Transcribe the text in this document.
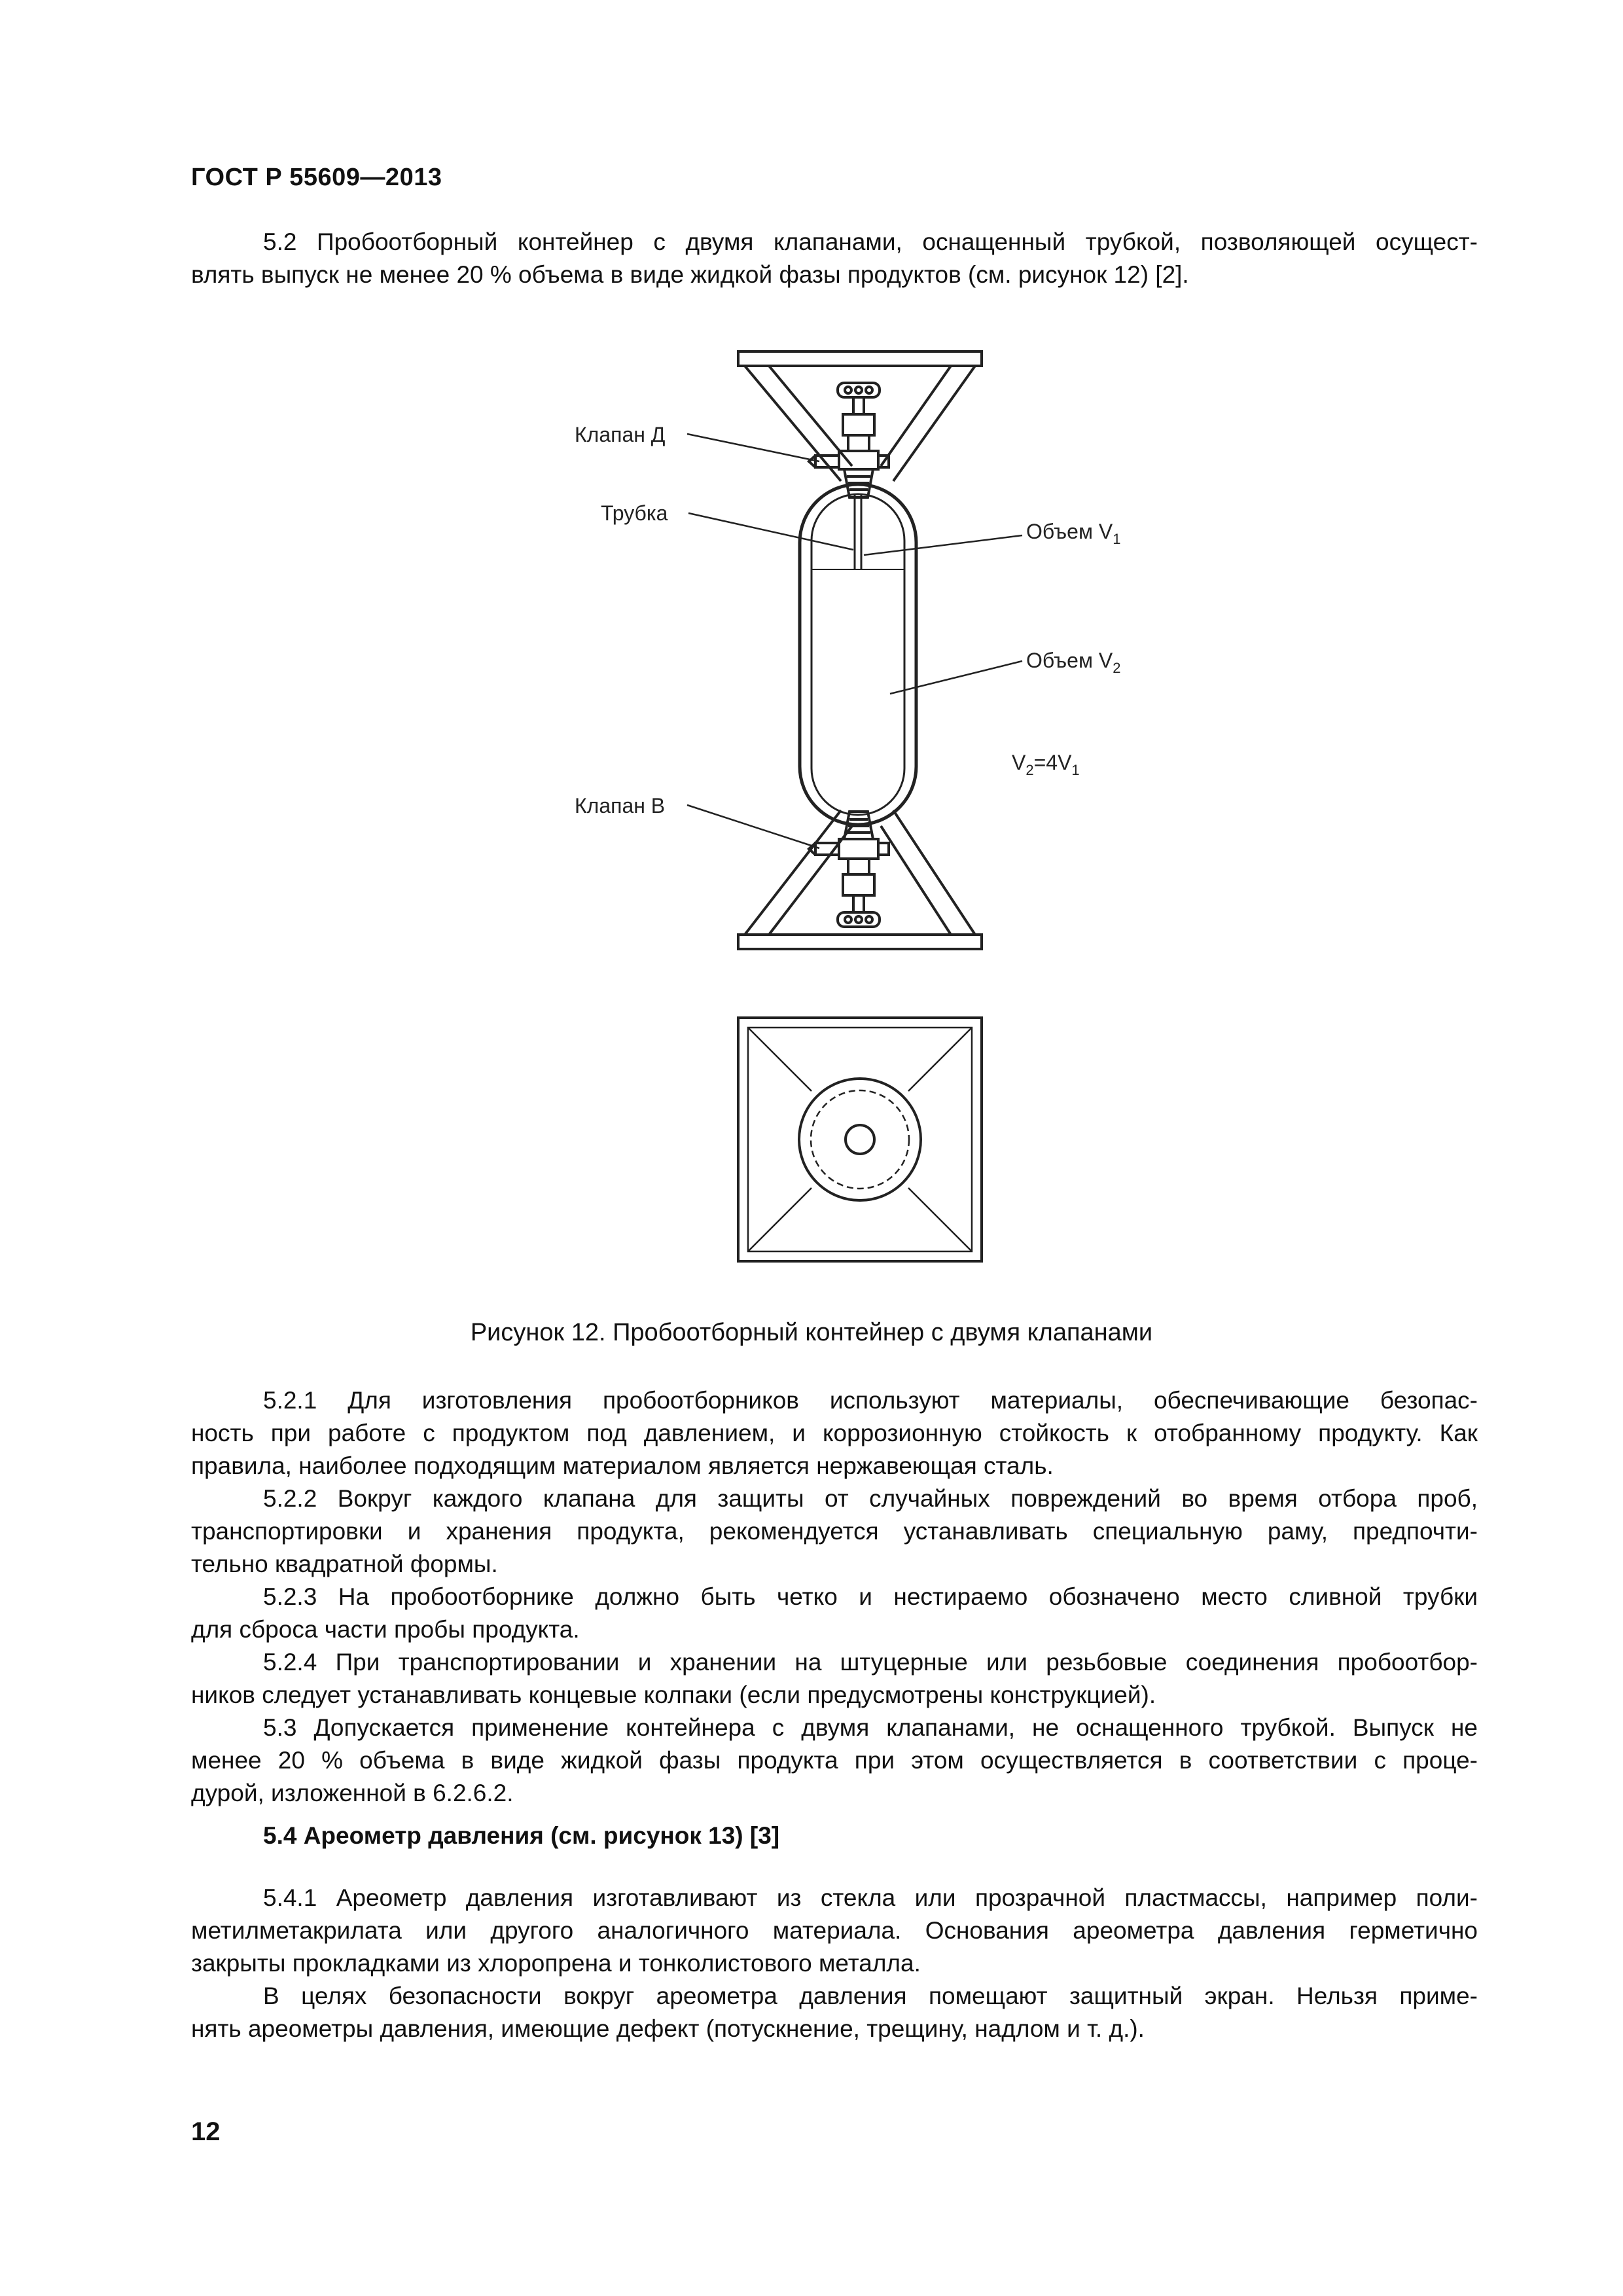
ГОСТ Р 55609—2013
5.2 Пробоотборный контейнер с двумя клапанами, оснащенный трубкой, позволяющей осущест-
влять выпуск не менее 20 % объема в виде жидкой фазы продуктов (см. рисунок 12) [2].
Клапан Д
Трубка
Клапан В
Объем $V_1$
Объем $V_2$
$V_2=4V_1$
Рисунок 12. Пробоотборный контейнер с двумя клапанами
5.2.1 Для изготовления пробоотборников используют материалы, обеспечивающие безопас-
ность при работе с продуктом под давлением, и коррозионную стойкость к отобранному продукту. Как
правила, наиболее подходящим материалом является нержавеющая сталь.
5.2.2 Вокруг каждого клапана для защиты от случайных повреждений во время отбора проб,
транспортировки и хранения продукта, рекомендуется устанавливать специальную раму, предпочти-
тельно квадратной формы.
5.2.3 На пробоотборнике должно быть четко и нестираемо обозначено место сливной трубки
для сброса части пробы продукта.
5.2.4 При транспортировании и хранении на штуцерные или резьбовые соединения пробоотбор-
ников следует устанавливать концевые колпаки (если предусмотрены конструкцией).
5.3 Допускается применение контейнера с двумя клапанами, не оснащенного трубкой. Выпуск не
менее 20 % объема в виде жидкой фазы продукта при этом осуществляется в соответствии с проце-
дурой, изложенной в 6.2.6.2.
5.4 Ареометр давления (см. рисунок 13) [3]
5.4.1 Ареометр давления изготавливают из стекла или прозрачной пластмассы, например поли-
метилметакрилата или другого аналогичного материала. Основания ареометра давления герметично
закрыты прокладками из хлоропрена и тонколистового металла.
В целях безопасности вокруг ареометра давления помещают защитный экран. Нельзя приме-
нять ареометры давления, имеющие дефект (потускнение, трещину, надлом и т. д.).
12
